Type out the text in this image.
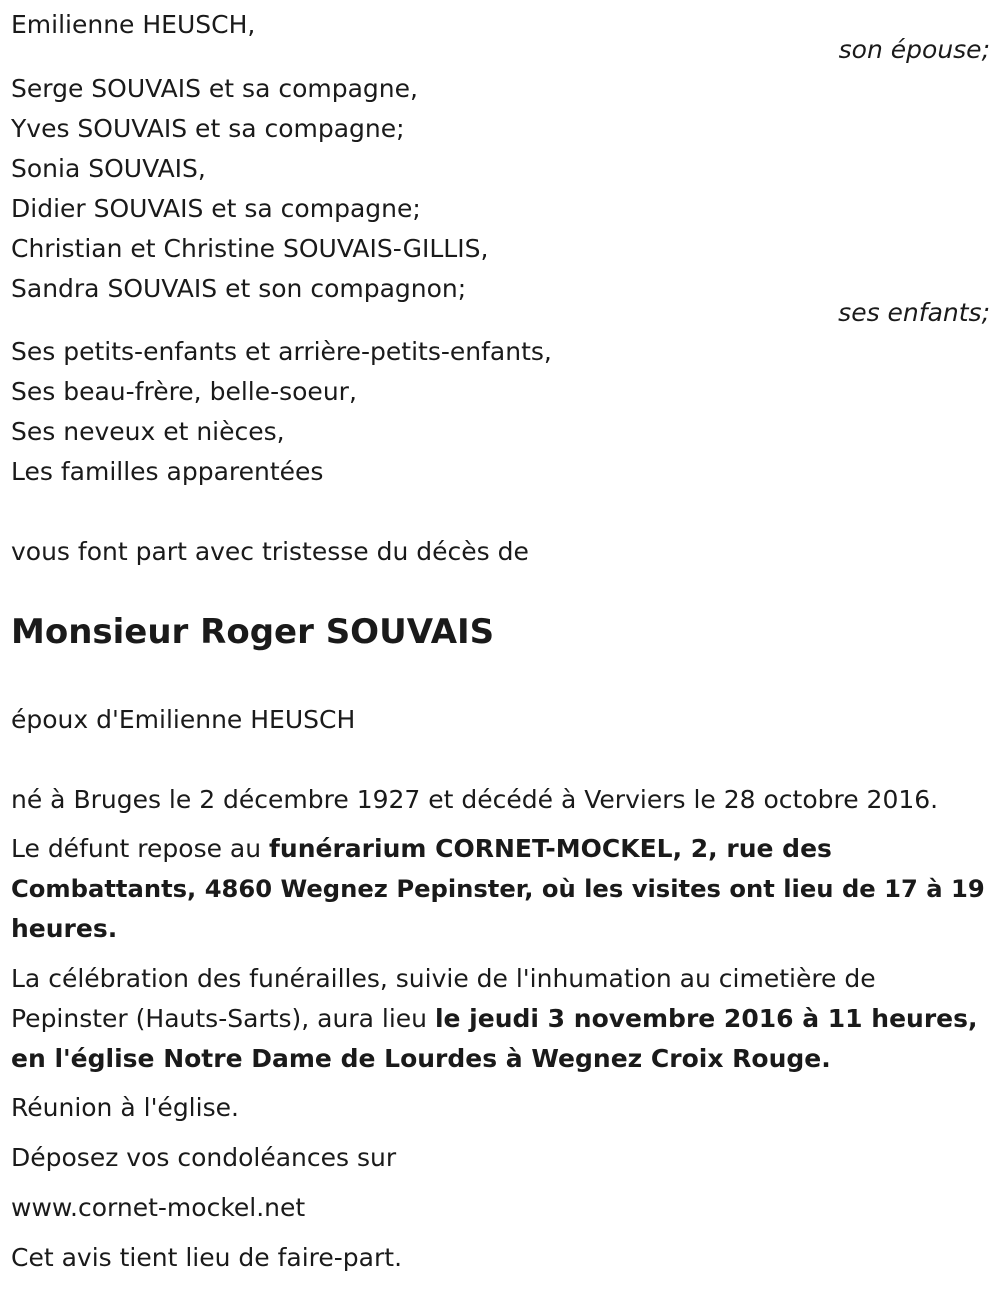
Emilienne HEUSCH,
son épouse;
Serge SOUVAIS et sa compagne,
Yves SOUVAIS et sa compagne;
Sonia SOUVAIS,
Didier SOUVAIS et sa compagne;
Christian et Christine SOUVAIS-GILLIS,
Sandra SOUVAIS et son compagnon;
ses enfants;
Ses petits-enfants et arrière-petits-enfants,
Ses beau-frère, belle-soeur,
Ses neveux et nièces,
Les familles apparentées
vous font part avec tristesse du décès de
Monsieur Roger SOUVAIS
époux d'Emilienne HEUSCH
né à Bruges le 2 décembre 1927 et décédé à Verviers le 28 octobre 2016.
Le défunt repose au funérarium CORNET-MOCKEL, 2, rue des
Combattants, 4860 Wegnez Pepinster, où les visites ont lieu de 17 à 19
heures.
La célébration des funérailles, suivie de l'inhumation au cimetière de
Pepinster (Hauts-Sarts), aura lieu le jeudi 3 novembre 2016 à 11 heures,
en l'église Notre Dame de Lourdes à Wegnez Croix Rouge.
Réunion à l'église.
Déposez vos condoléances sur
www.cornet-mockel.net
Cet avis tient lieu de faire-part.
